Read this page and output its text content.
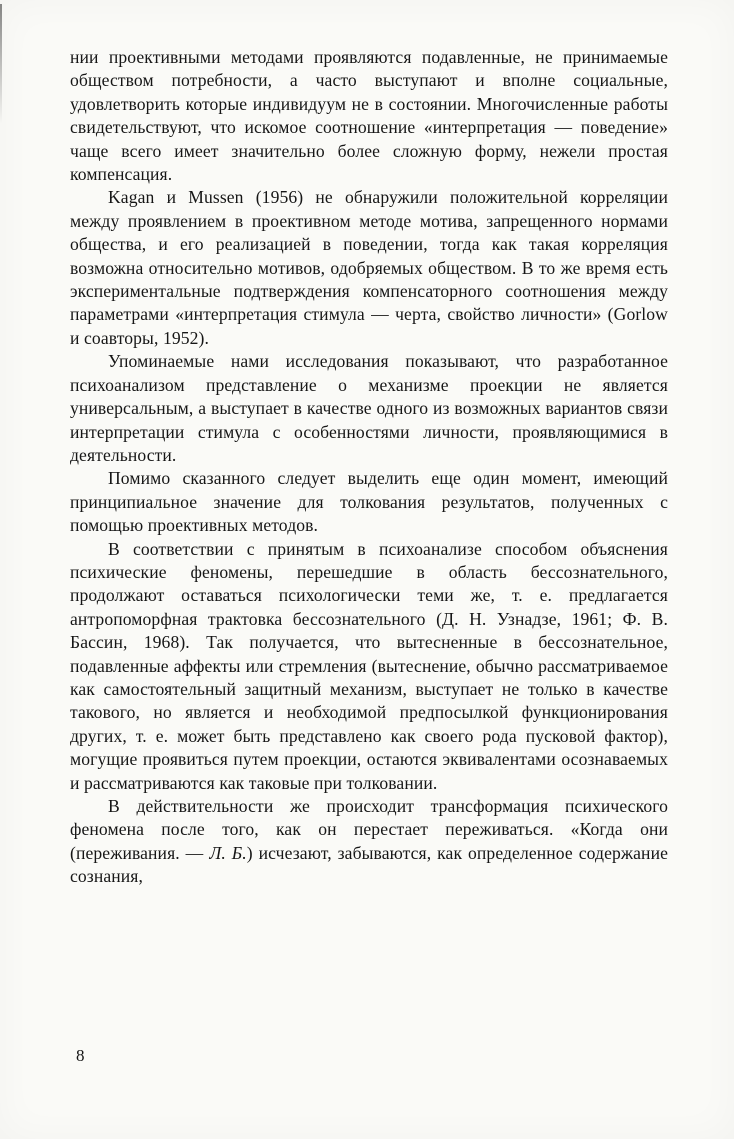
нии проективными методами проявляются подавленные, не принимаемые обществом потребности, а часто выступают и вполне социальные, удовлетворить которые индивидуум не в состоянии. Многочисленные работы свидетельствуют, что искомое соотношение «интерпретация — поведение» чаще всего имеет значительно более сложную форму, нежели простая компенсация.

Kagan и Mussen (1956) не обнаружили положительной корреляции между проявлением в проективном методе мотива, запрещенного нормами общества, и его реализацией в поведении, тогда как такая корреляция возможна относительно мотивов, одобряемых обществом. В то же время есть экспериментальные подтверждения компенсаторного соотношения между параметрами «интерпретация стимула — черта, свойство личности» (Gorlow и соавторы, 1952).

Упоминаемые нами исследования показывают, что разработанное психоанализом представление о механизме проекции не является универсальным, а выступает в качестве одного из возможных вариантов связи интерпретации стимула с особенностями личности, проявляющимися в деятельности.

Помимо сказанного следует выделить еще один момент, имеющий принципиальное значение для толкования результатов, полученных с помощью проективных методов.

В соответствии с принятым в психоанализе способом объяснения психические феномены, перешедшие в область бессознательного, продолжают оставаться психологически теми же, т. е. предлагается антропоморфная трактовка бессознательного (Д. Н. Узнадзе, 1961; Ф. В. Бассин, 1968). Так получается, что вытесненные в бессознательное, подавленные аффекты или стремления (вытеснение, обычно рассматриваемое как самостоятельный защитный механизм, выступает не только в качестве такового, но является и необходимой предпосылкой функционирования других, т. е. может быть представлено как своего рода пусковой фактор), могущие проявиться путем проекции, остаются эквивалентами осознаваемых и рассматриваются как таковые при толковании.

В действительности же происходит трансформация психического феномена после того, как он перестает переживаться. «Когда они (переживания. — Л. Б.) исчезают, забываются, как определенное содержание сознания,

8
